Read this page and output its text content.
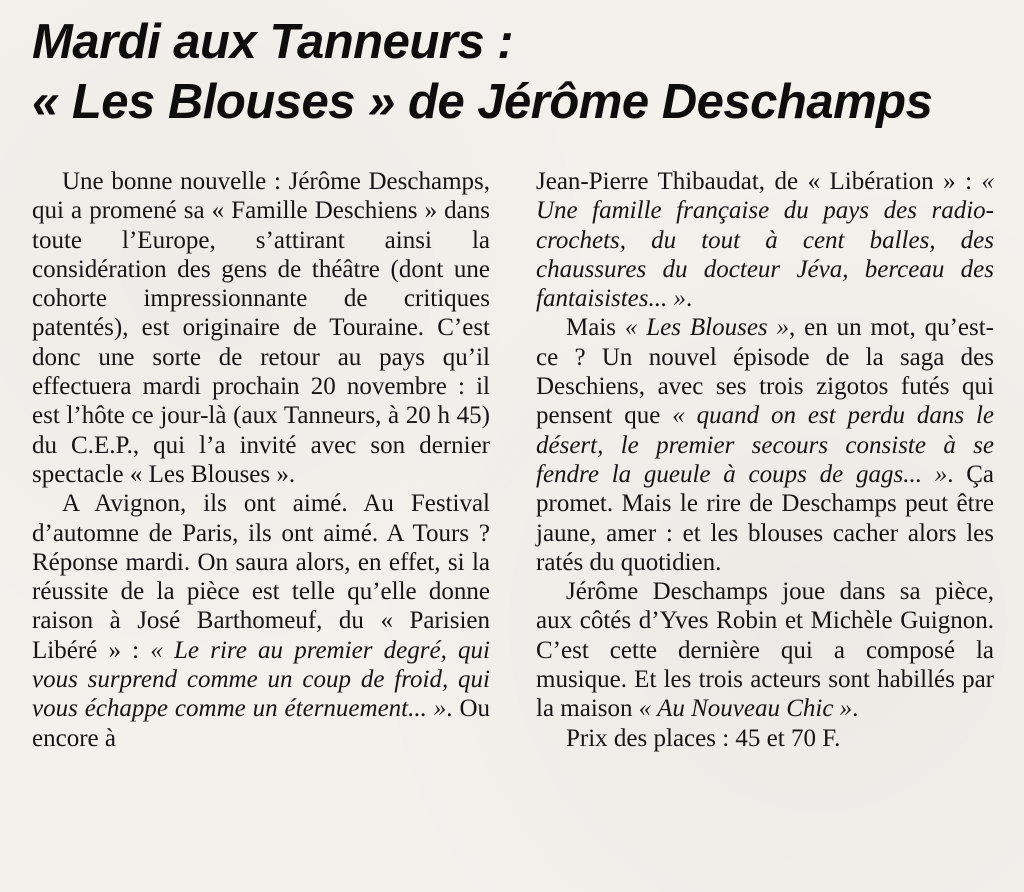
Mardi aux Tanneurs :
« Les Blouses » de Jérôme Deschamps

Une bonne nouvelle : Jérôme Deschamps, qui a promené sa « Famille Deschiens » dans toute l’Europe, s’attirant ainsi la considération des gens de théâtre (dont une cohorte impressionnante de critiques patentés), est originaire de Touraine. C’est donc une sorte de retour au pays qu’il effectuera mardi prochain 20 novembre : il est l’hôte ce jour-là (aux Tanneurs, à 20 h 45) du C.E.P., qui l’a invité avec son dernier spectacle « Les Blouses ».

A Avignon, ils ont aimé. Au Festival d’automne de Paris, ils ont aimé. A Tours ? Réponse mardi. On saura alors, en effet, si la réussite de la pièce est telle qu’elle donne raison à José Barthomeuf, du « Parisien Libéré » : « Le rire au premier degré, qui vous surprend comme un coup de froid, qui vous échappe comme un éternuement... ». Ou encore à

Jean-Pierre Thibaudat, de « Libération » : « Une famille française du pays des radio-crochets, du tout à cent balles, des chaussures du docteur Jéva, berceau des fantaisistes... ».

Mais « Les Blouses », en un mot, qu’est-ce ? Un nouvel épisode de la saga des Deschiens, avec ses trois zigotos futés qui pensent que « quand on est perdu dans le désert, le premier secours consiste à se fendre la gueule à coups de gags... ». Ça promet. Mais le rire de Deschamps peut être jaune, amer : et les blouses cacher alors les ratés du quotidien.

Jérôme Deschamps joue dans sa pièce, aux côtés d’Yves Robin et Michèle Guignon. C’est cette dernière qui a composé la musique. Et les trois acteurs sont habillés par la maison « Au Nouveau Chic ».

Prix des places : 45 et 70 F.
